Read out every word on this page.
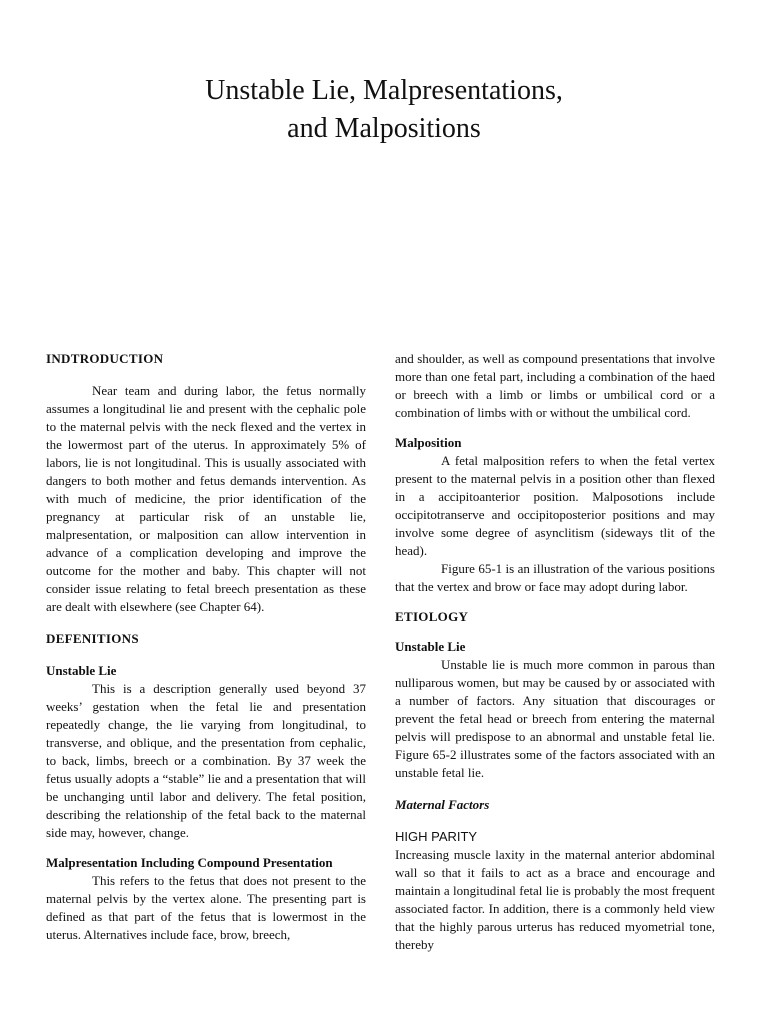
Unstable Lie, Malpresentations,
and Malpositions

INDTRODUCTION

Near team and during labor, the fetus normally assumes a longitudinal lie and present with the cephalic pole to the maternal pelvis with the neck flexed and the vertex in the lowermost part of the uterus. In approximately 5% of labors, lie is not longitudinal. This is usually associated with dangers to both mother and fetus demands intervention. As with much of medicine, the prior identification of the pregnancy at particular risk of an unstable lie, malpresentation, or malposition can allow intervention in advance of a complication developing and improve the outcome for the mother and baby. This chapter will not consider issue relating to fetal breech presentation as these are dealt with elsewhere (see Chapter 64).

DEFENITIONS

Unstable Lie

This is a description generally used beyond 37 weeks’ gestation when the fetal lie and presentation repeatedly change, the lie varying from longitudinal, to transverse, and oblique, and the presentation from cephalic, to back, limbs, breech or a combination. By 37 week the fetus usually adopts a “stable” lie and a presentation that will be unchanging until labor and delivery. The fetal position, describing the relationship of the fetal back to the maternal side may, however, change.

Malpresentation Including Compound Presentation

This refers to the fetus that does not present to the maternal pelvis by the vertex alone. The presenting part is defined as that part of the fetus that is lowermost in the uterus. Alternatives include face, brow, breech,

and shoulder, as well as compound presentations that involve more than one fetal part, including a combination of the haed or breech with a limb or limbs or umbilical cord or a combination of limbs with or without the umbilical cord.

Malposition

A fetal malposition refers to when the fetal vertex present to the maternal pelvis in a position other than flexed in a accipitoanterior position. Malposotions include occipitotranserve and occipitoposterior positions and may involve some degree of asynclitism (sideways tlit of the head).

Figure 65-1 is an illustration of the various positions that the vertex and brow or face may adopt during labor.

ETIOLOGY

Unstable Lie

Unstable lie is much more common in parous than nulliparous women, but may be caused by or associated with a number of factors. Any situation that discourages or prevent the fetal head or breech from entering the maternal pelvis will predispose to an abnormal and unstable fetal lie. Figure 65-2 illustrates some of the factors associated with an unstable fetal lie.

Maternal Factors

HIGH PARITY

Increasing muscle laxity in the maternal anterior abdominal wall so that it fails to act as a brace and encourage and maintain a longitudinal fetal lie is probably the most frequent associated factor. In addition, there is a commonly held view that the highly parous urterus has reduced myometrial tone, thereby
